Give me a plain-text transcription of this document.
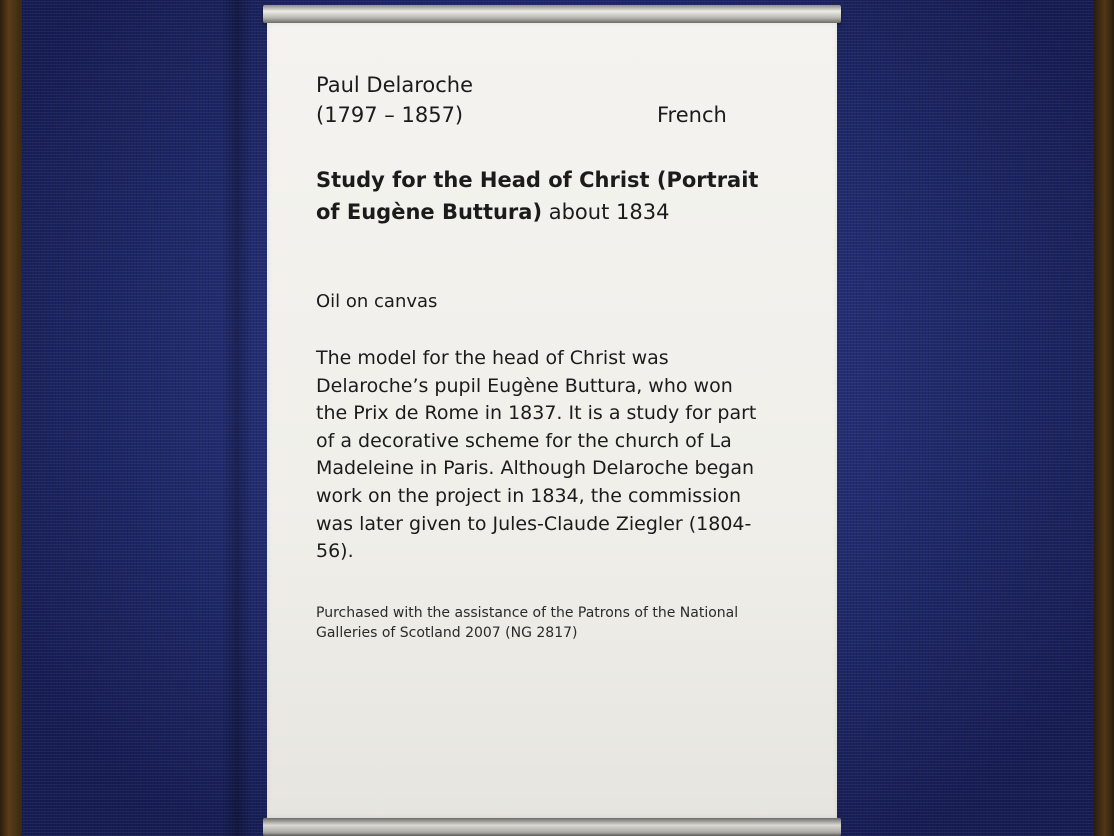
Paul Delaroche

(1797 – 1857)	French

Study for the Head of Christ (Portrait

of Eugène Buttura) about 1834

Oil on canvas

The model for the head of Christ was
Delaroche’s pupil Eugène Buttura, who won
the Prix de Rome in 1837. It is a study for part
of a decorative scheme for the church of La
Madeleine in Paris. Although Delaroche began
work on the project in 1834, the commission
was later given to Jules-Claude Ziegler (1804-
56).
Purchased with the assistance of the Patrons of the National
Galleries of Scotland 2007 (NG 2817)
